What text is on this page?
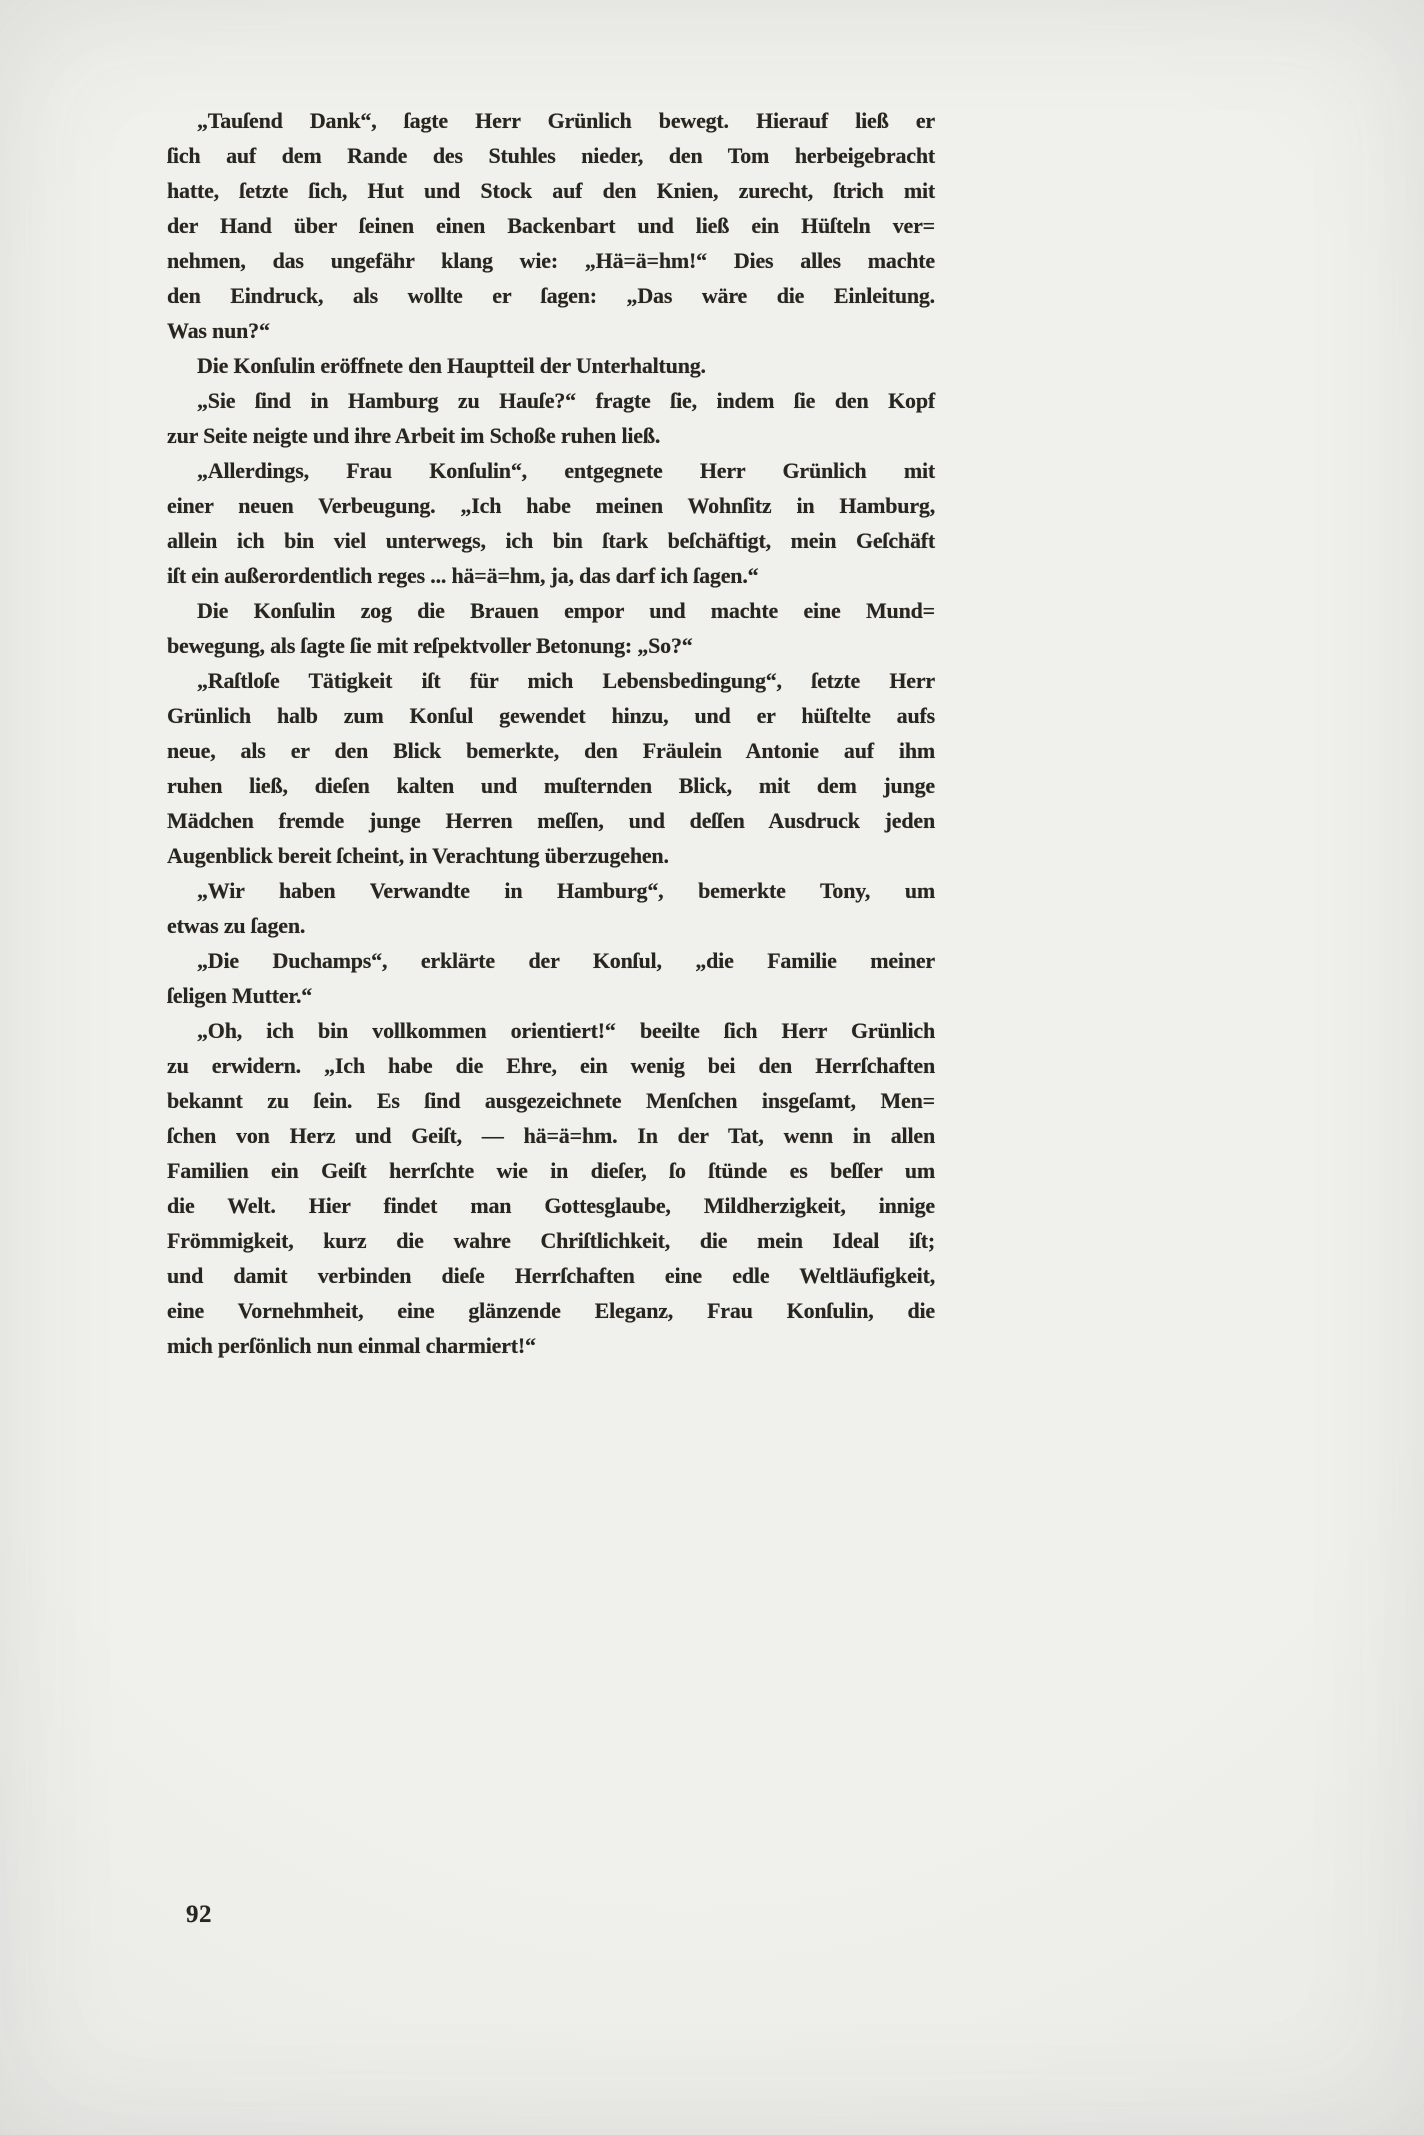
„Tauſend Dank“, ſagte Herr Grünlich bewegt. Hierauf ließ er
ſich auf dem Rande des Stuhles nieder, den Tom herbeigebracht
hatte, ſetzte ſich, Hut und Stock auf den Knien, zurecht, ſtrich mit
der Hand über ſeinen einen Backenbart und ließ ein Hüſteln ver=
nehmen, das ungefähr klang wie: „Hä=ä=hm!“ Dies alles machte
den Eindruck, als wollte er ſagen: „Das wäre die Einleitung.
Was nun?“

Die Konſulin eröffnete den Hauptteil der Unterhaltung.

„Sie ſind in Hamburg zu Hauſe?“ fragte ſie, indem ſie den Kopf
zur Seite neigte und ihre Arbeit im Schoße ruhen ließ.

„Allerdings, Frau Konſulin“, entgegnete Herr Grünlich mit
einer neuen Verbeugung. „Ich habe meinen Wohnſitz in Hamburg,
allein ich bin viel unterwegs, ich bin ſtark beſchäftigt, mein Geſchäft
iſt ein außerordentlich reges ... hä=ä=hm, ja, das darf ich ſagen.“

Die Konſulin zog die Brauen empor und machte eine Mund=
bewegung, als ſagte ſie mit reſpektvoller Betonung: „So?“

„Raſtloſe Tätigkeit iſt für mich Lebensbedingung“, ſetzte Herr
Grünlich halb zum Konſul gewendet hinzu, und er hüſtelte aufs
neue, als er den Blick bemerkte, den Fräulein Antonie auf ihm
ruhen ließ, dieſen kalten und muſternden Blick, mit dem junge
Mädchen fremde junge Herren meſſen, und deſſen Ausdruck jeden
Augenblick bereit ſcheint, in Verachtung überzugehen.

„Wir haben Verwandte in Hamburg“, bemerkte Tony, um
etwas zu ſagen.

„Die Duchamps“, erklärte der Konſul, „die Familie meiner
ſeligen Mutter.“

„Oh, ich bin vollkommen orientiert!“ beeilte ſich Herr Grünlich
zu erwidern. „Ich habe die Ehre, ein wenig bei den Herrſchaften
bekannt zu ſein. Es ſind ausgezeichnete Menſchen insgeſamt, Men=
ſchen von Herz und Geiſt, — hä=ä=hm. In der Tat, wenn in allen
Familien ein Geiſt herrſchte wie in dieſer, ſo ſtünde es beſſer um
die Welt. Hier findet man Gottesglaube, Mildherzigkeit, innige
Frömmigkeit, kurz die wahre Chriſtlichkeit, die mein Ideal iſt;
und damit verbinden dieſe Herrſchaften eine edle Weltläufigkeit,
eine Vornehmheit, eine glänzende Eleganz, Frau Konſulin, die
mich perſönlich nun einmal charmiert!“

92
